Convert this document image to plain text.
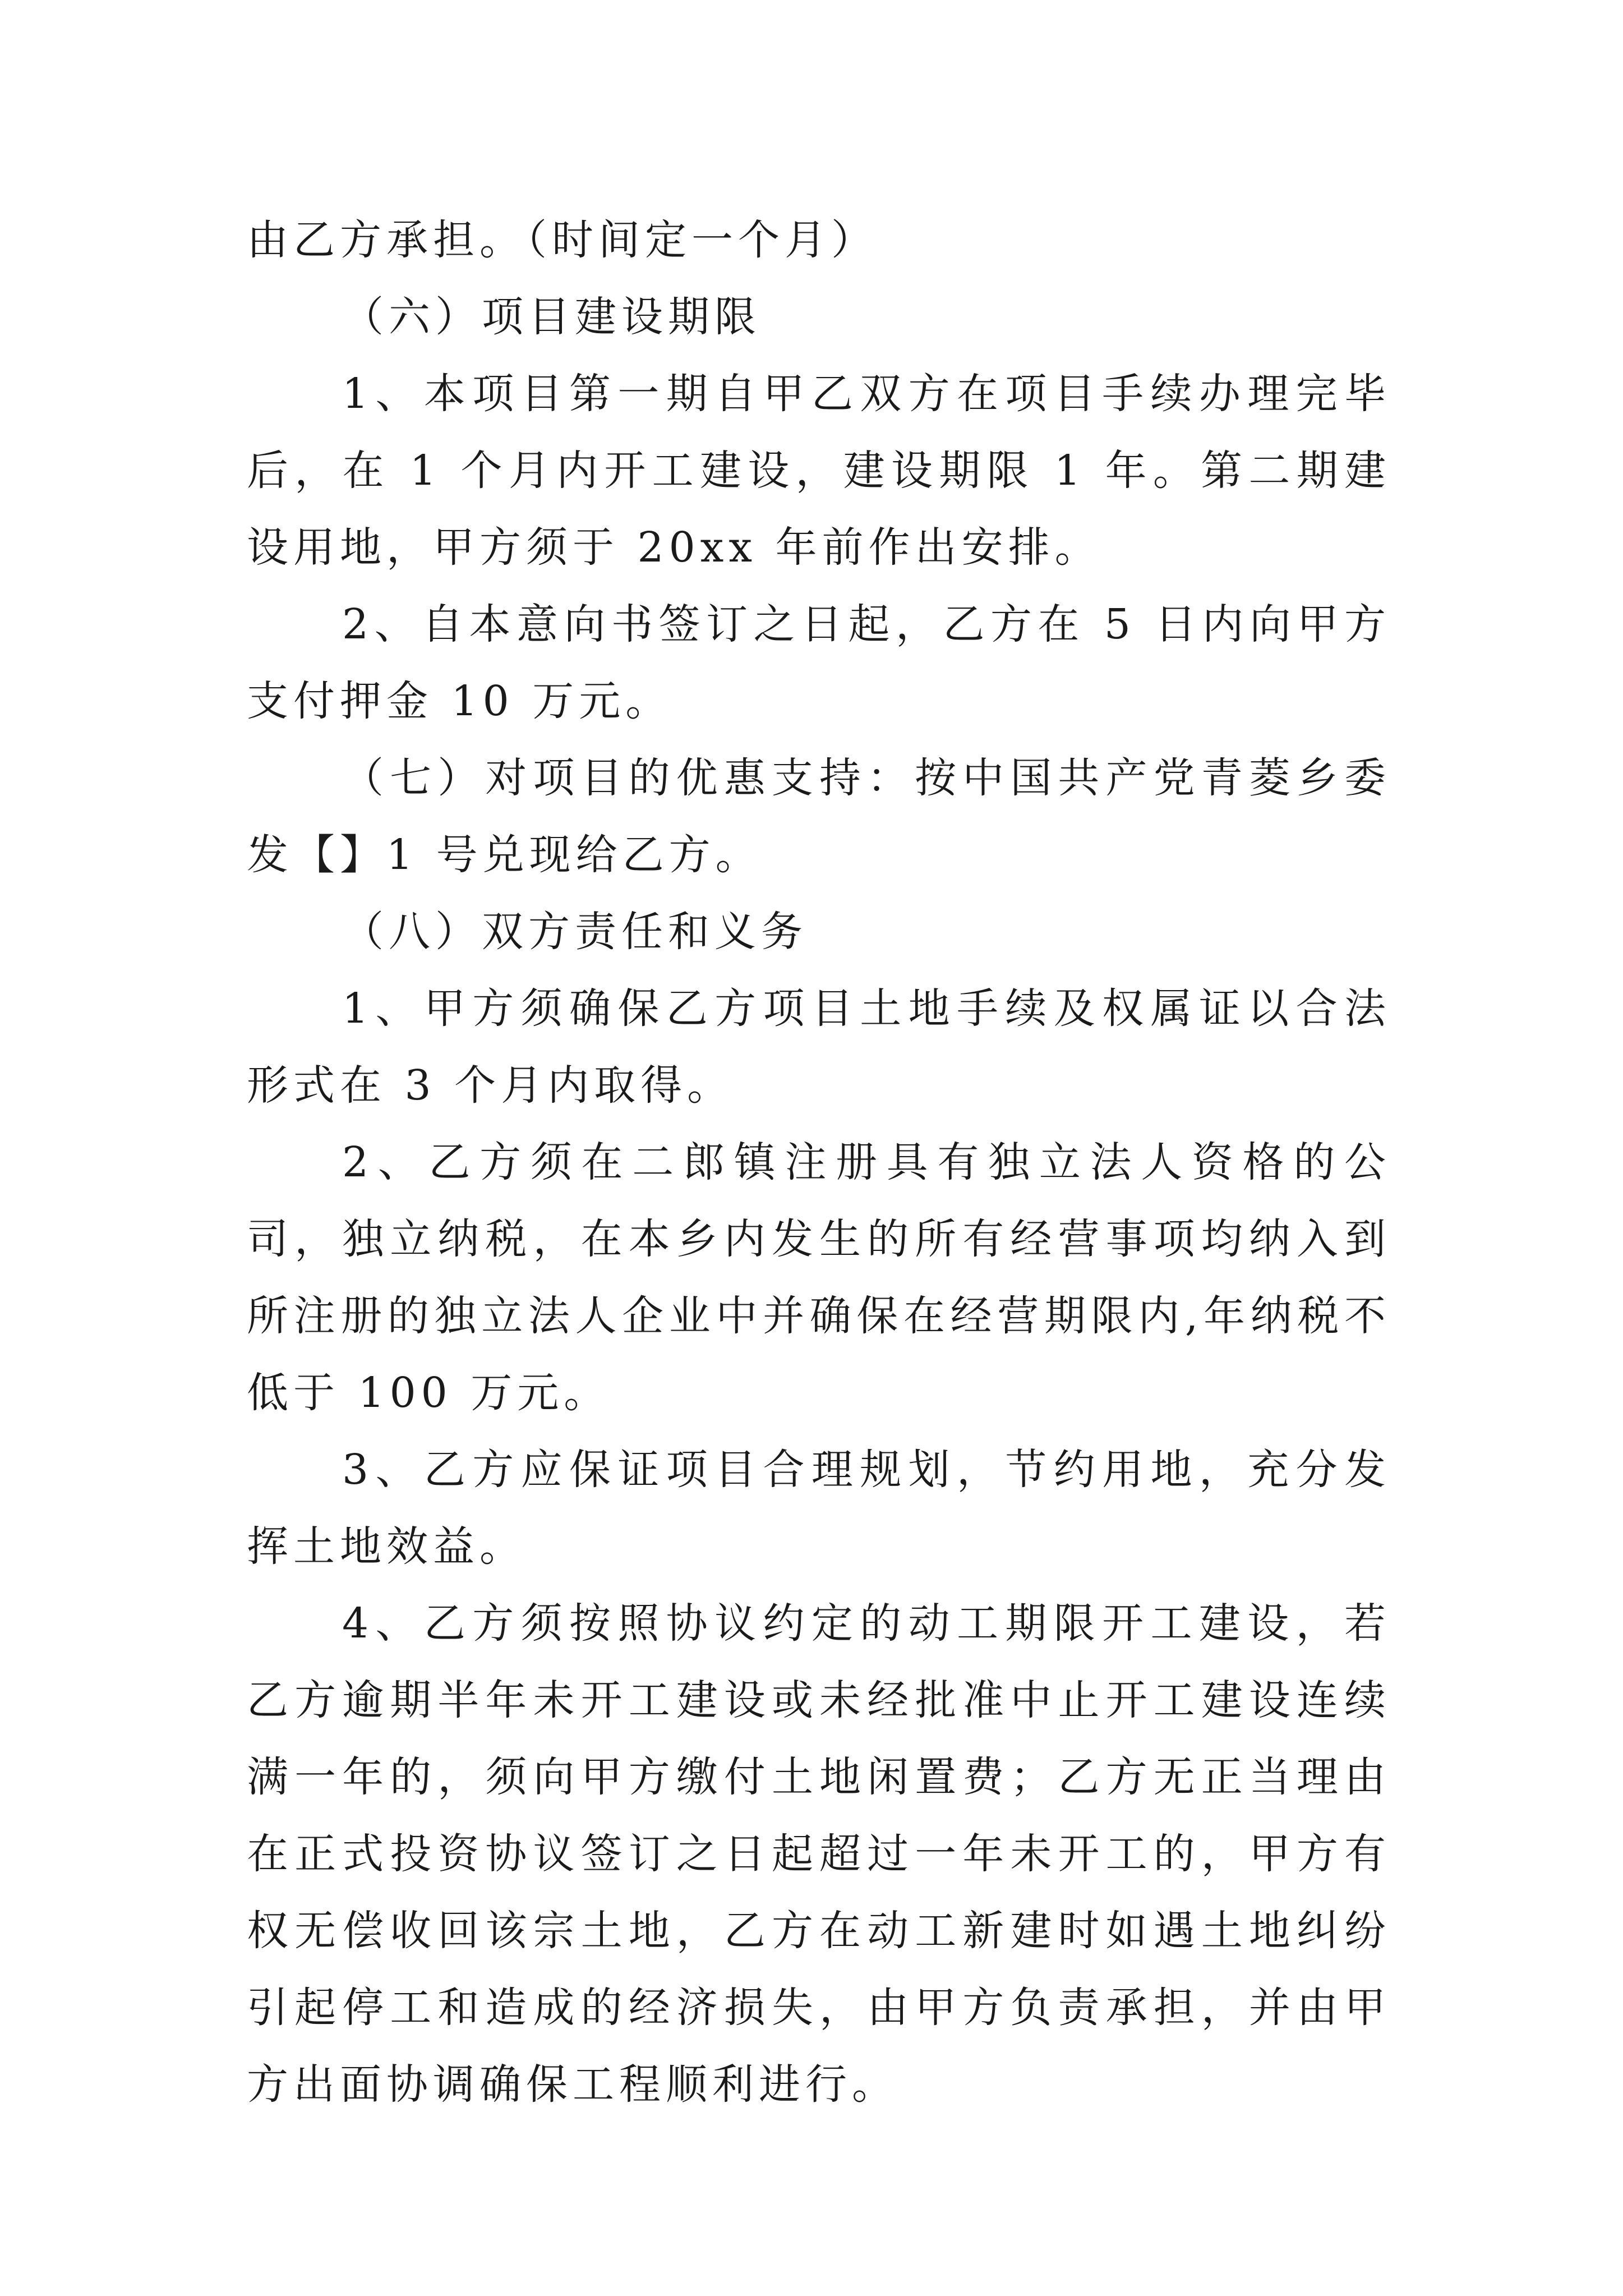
由乙方承担。（时间定一个月）

（六）项目建设期限

1、本项目第一期自甲乙双方在项目手续办理完毕后，在 1 个月内开工建设，建设期限 1 年。第二期建设用地，甲方须于 20xx 年前作出安排。

2、自本意向书签订之日起，乙方在 5 日内向甲方支付押金 10 万元。

（七）对项目的优惠支持：按中国共产党青菱乡委发【】1 号兑现给乙方。

（八）双方责任和义务

1、甲方须确保乙方项目土地手续及权属证以合法形式在 3 个月内取得。

2、乙方须在二郎镇注册具有独立法人资格的公司，独立纳税，在本乡内发生的所有经营事项均纳入到所注册的独立法人企业中并确保在经营期限内,年纳税不低于 100 万元。

3、乙方应保证项目合理规划，节约用地，充分发挥土地效益。

4、乙方须按照协议约定的动工期限开工建设，若乙方逾期半年未开工建设或未经批准中止开工建设连续满一年的，须向甲方缴付土地闲置费；乙方无正当理由在正式投资协议签订之日起超过一年未开工的，甲方有权无偿收回该宗土地，乙方在动工新建时如遇土地纠纷引起停工和造成的经济损失，由甲方负责承担，并由甲方出面协调确保工程顺利进行。
